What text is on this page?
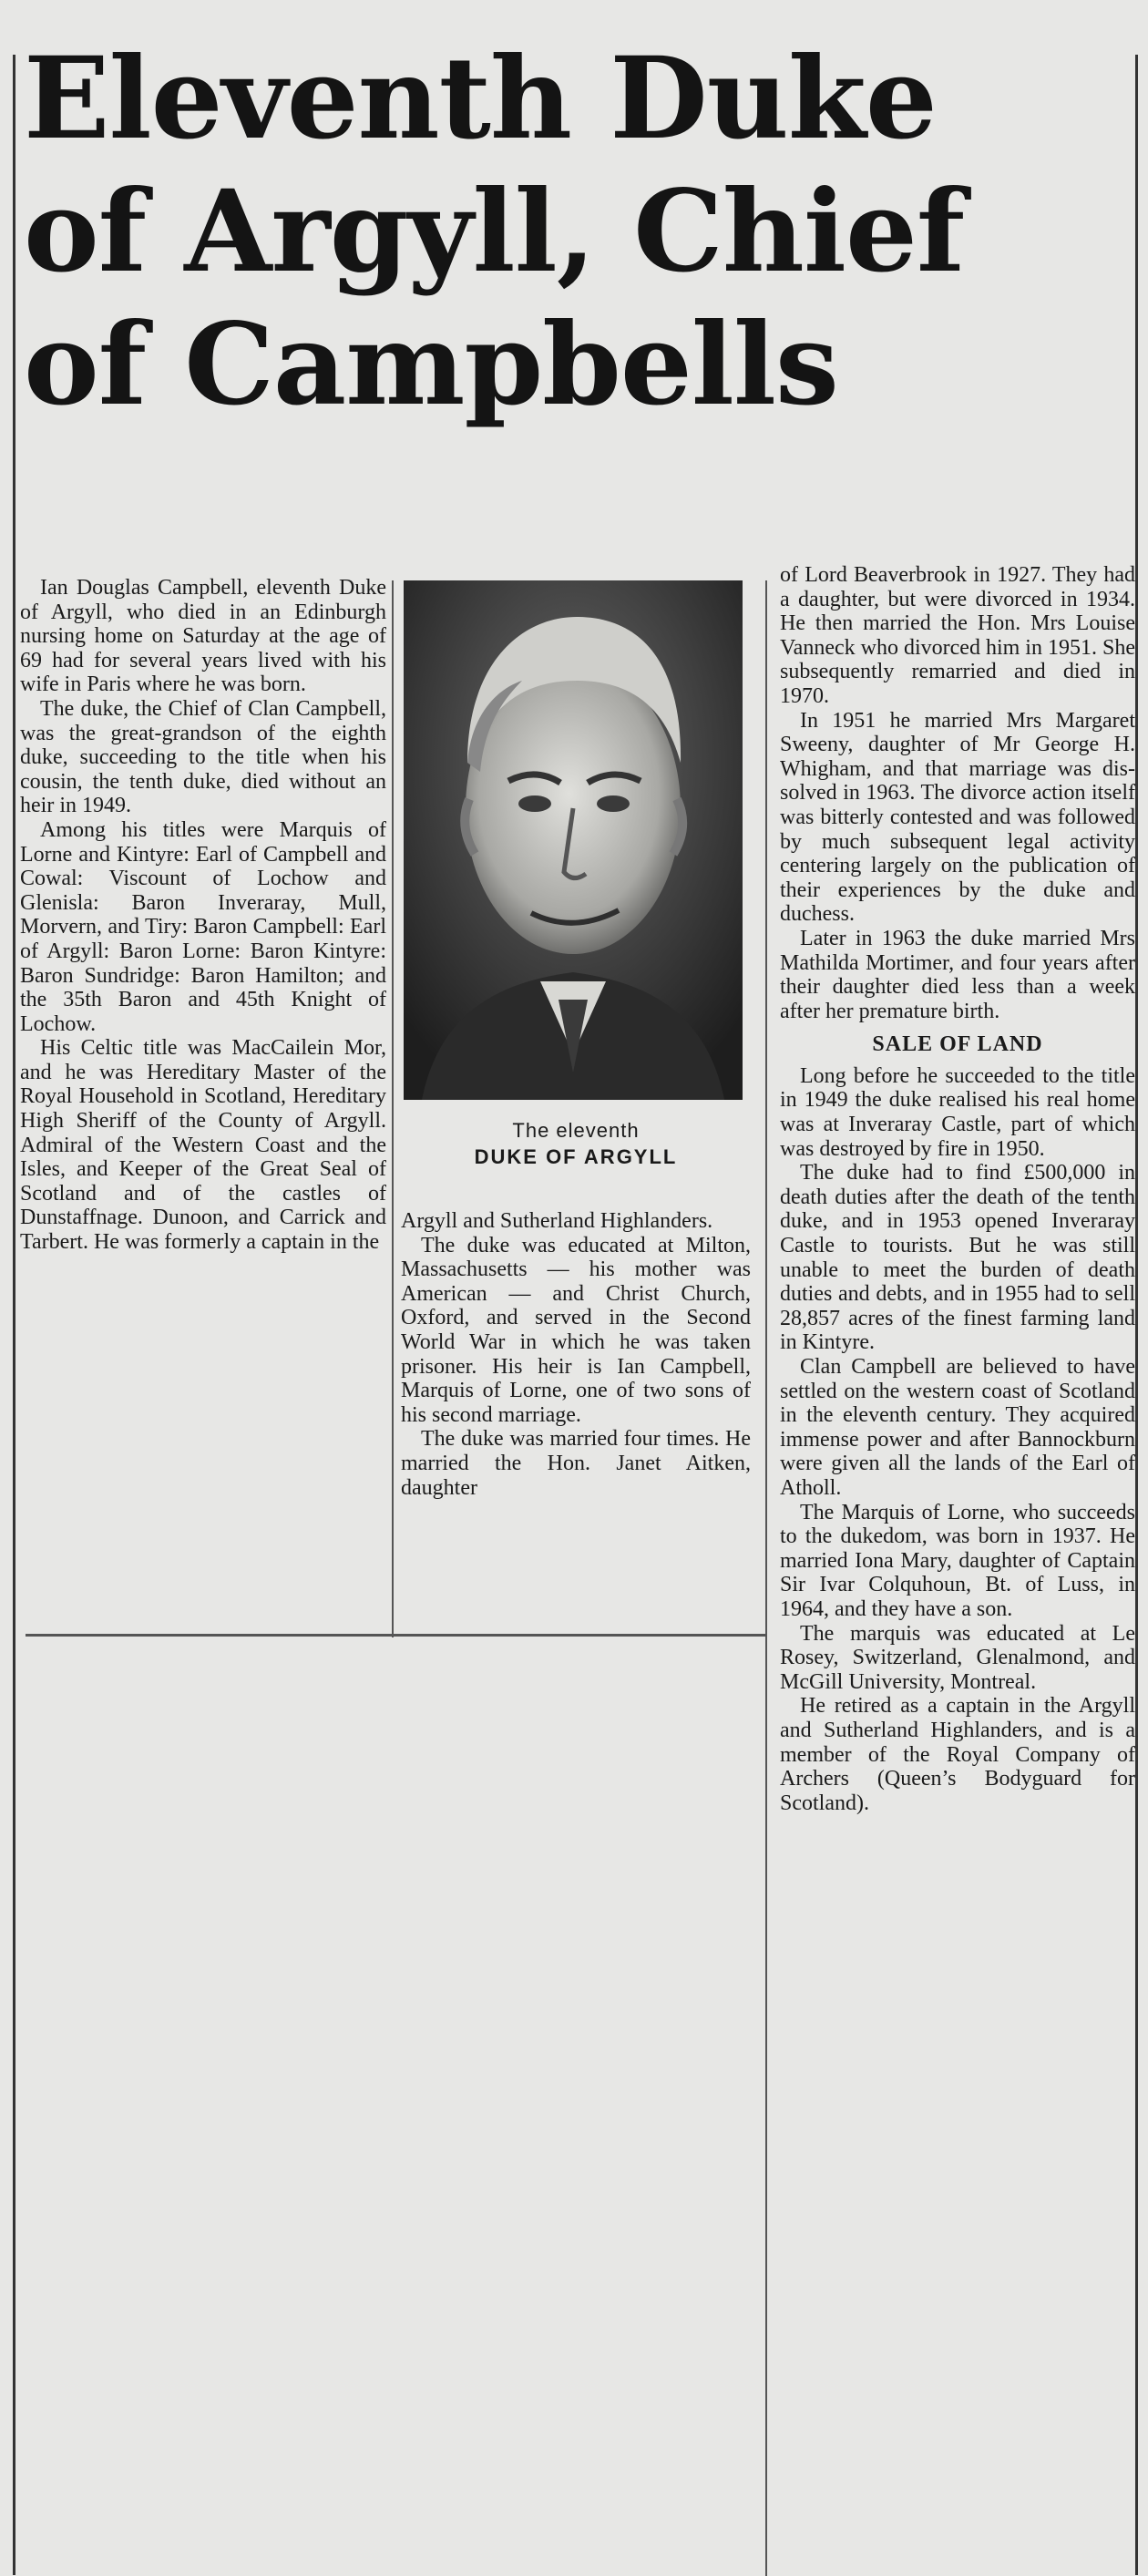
Eleventh Duke
of Argyll, Chief
of Campbells

Ian Douglas Campbell, eleventh Duke of Argyll, who died in an Edinburgh nursing home on Saturday at the age of 69 had for several years lived with his wife in Paris where he was born.

The duke, the Chief of Clan Campbell, was the great-grandson of the eighth duke, succeeding to the title when his cousin, the tenth duke, died without an heir in 1949.

Among his titles were Marquis of Lorne and Kintyre: Earl of Campbell and Cowal: Viscount of Lochow and Glenisla: Baron Inveraray, Mull, Morvern, and Tiry: Baron Campbell: Earl of Argyll: Baron Lorne: Baron Kintyre: Baron Sundridge: Baron Hamilton; and the 35th Baron and 45th Knight of Lochow.

His Celtic title was MacCailein Mor, and he was Hereditary Master of the Royal Household in Scotland, Hereditary High Sheriff of the County of Argyll. Admiral of the Western Coast and the Isles, and Keeper of the Great Seal of Scotland and of the castles of Dunstaffnage. Dunoon, and Carrick and Tarbert. He was formerly a captain in the

The eleventh
DUKE OF ARGYLL

Argyll and Sutherland Highlanders.

The duke was educated at Milton, Massachusetts — his mother was American — and Christ Church, Oxford, and served in the Second World War in which he was taken prisoner. His heir is Ian Campbell, Marquis of Lorne, one of two sons of his second marriage.

The duke was married four times. He married the Hon. Janet Aitken, daughter

of Lord Beaverbrook in 1927. They had a daughter, but were divorced in 1934. He then married the Hon. Mrs Louise Vanneck who divorced him in 1951. She subsequently remarried and died in 1970.

In 1951 he married Mrs Margaret Sweeny, daughter of Mr George H. Whigham, and that marriage was dissolved in 1963. The divorce action itself was bitterly contested and was followed by much subsequent legal activity centering largely on the publication of their experiences by the duke and duchess.

Later in 1963 the duke married Mrs Mathilda Mortimer, and four years after their daughter died less than a week after her premature birth.

SALE OF LAND

Long before he succeeded to the title in 1949 the duke realised his real home was at Inveraray Castle, part of which was destroyed by fire in 1950.

The duke had to find £500,000 in death duties after the death of the tenth duke, and in 1953 opened Inveraray Castle to tourists. But he was still unable to meet the burden of death duties and debts, and in 1955 had to sell 28,857 acres of the finest farming land in Kintyre.

Clan Campbell are believed to have settled on the western coast of Scotland in the eleventh century. They acquired immense power and after Bannockburn were given all the lands of the Earl of Atholl.

The Marquis of Lorne, who succeeds to the dukedom, was born in 1937. He married Iona Mary, daughter of Captain Sir Ivar Colquhoun, Bt. of Luss, in 1964, and they have a son.

The marquis was educated at Le Rosey, Switzerland, Glenalmond, and McGill University, Montreal.

He retired as a captain in the Argyll and Sutherland Highlanders, and is a member of the Royal Company of Archers (Queen’s Bodyguard for Scotland).
